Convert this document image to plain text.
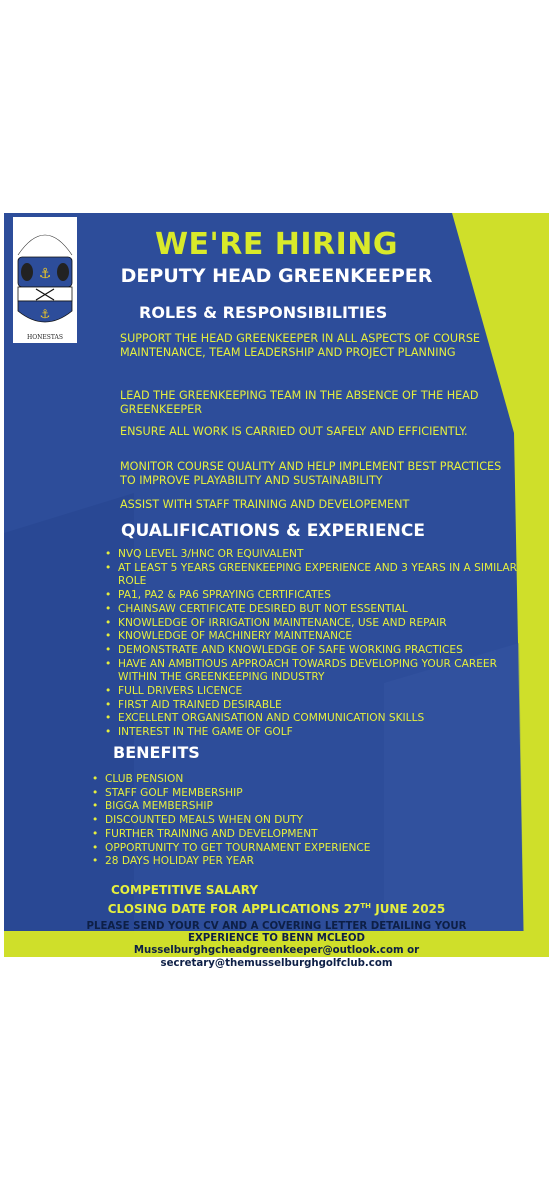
⚓
⚓
HONESTAS
WE'RE HIRING
DEPUTY HEAD GREENKEEPER
ROLES & RESPONSIBILITIES
SUPPORT THE HEAD GREENKEEPER IN ALL ASPECTS OF COURSE MAINTENANCE, TEAM LEADERSHIP AND PROJECT PLANNING
LEAD THE GREENKEEPING TEAM IN THE ABSENCE OF THE HEAD GREENKEEPER
ENSURE ALL WORK IS CARRIED OUT SAFELY AND EFFICIENTLY.
MONITOR COURSE QUALITY AND HELP IMPLEMENT BEST PRACTICES TO IMPROVE PLAYABILITY AND SUSTAINABILITY
ASSIST WITH STAFF TRAINING AND DEVELOPEMENT
QUALIFICATIONS & EXPERIENCE
• NVQ LEVEL 3/HNC OR EQUIVALENT
• AT LEAST 5 YEARS GREENKEEPING EXPERIENCE AND 3 YEARS IN A SIMILAR ROLE
• PA1, PA2 & PA6 SPRAYING CERTIFICATES
• CHAINSAW CERTIFICATE DESIRED BUT NOT ESSENTIAL
• KNOWLEDGE OF IRRIGATION MAINTENANCE, USE AND REPAIR
• KNOWLEDGE OF MACHINERY MAINTENANCE
• DEMONSTRATE AND KNOWLEDGE OF SAFE WORKING PRACTICES
• HAVE AN AMBITIOUS APPROACH TOWARDS DEVELOPING YOUR CAREER WITHIN THE GREENKEEPING INDUSTRY
• FULL DRIVERS LICENCE
• FIRST AID TRAINED DESIRABLE
• EXCELLENT ORGANISATION AND COMMUNICATION SKILLS
• INTEREST IN THE GAME OF GOLF
BENEFITS
• CLUB PENSION
• STAFF GOLF MEMBERSHIP
• BIGGA MEMBERSHIP
• DISCOUNTED MEALS WHEN ON DUTY
• FURTHER TRAINING AND DEVELOPMENT
• OPPORTUNITY TO GET TOURNAMENT EXPERIENCE
• 28 DAYS HOLIDAY PER YEAR
COMPETITIVE SALARY
CLOSING DATE FOR APPLICATIONS 27TH JUNE 2025
PLEASE SEND YOUR CV AND A COVERING LETTER DETAILING YOUR
EXPERIENCE TO BENN MCLEOD
Musselburghgcheadgreenkeeper@outlook.com or
secretary@themusselburghgolfclub.com
